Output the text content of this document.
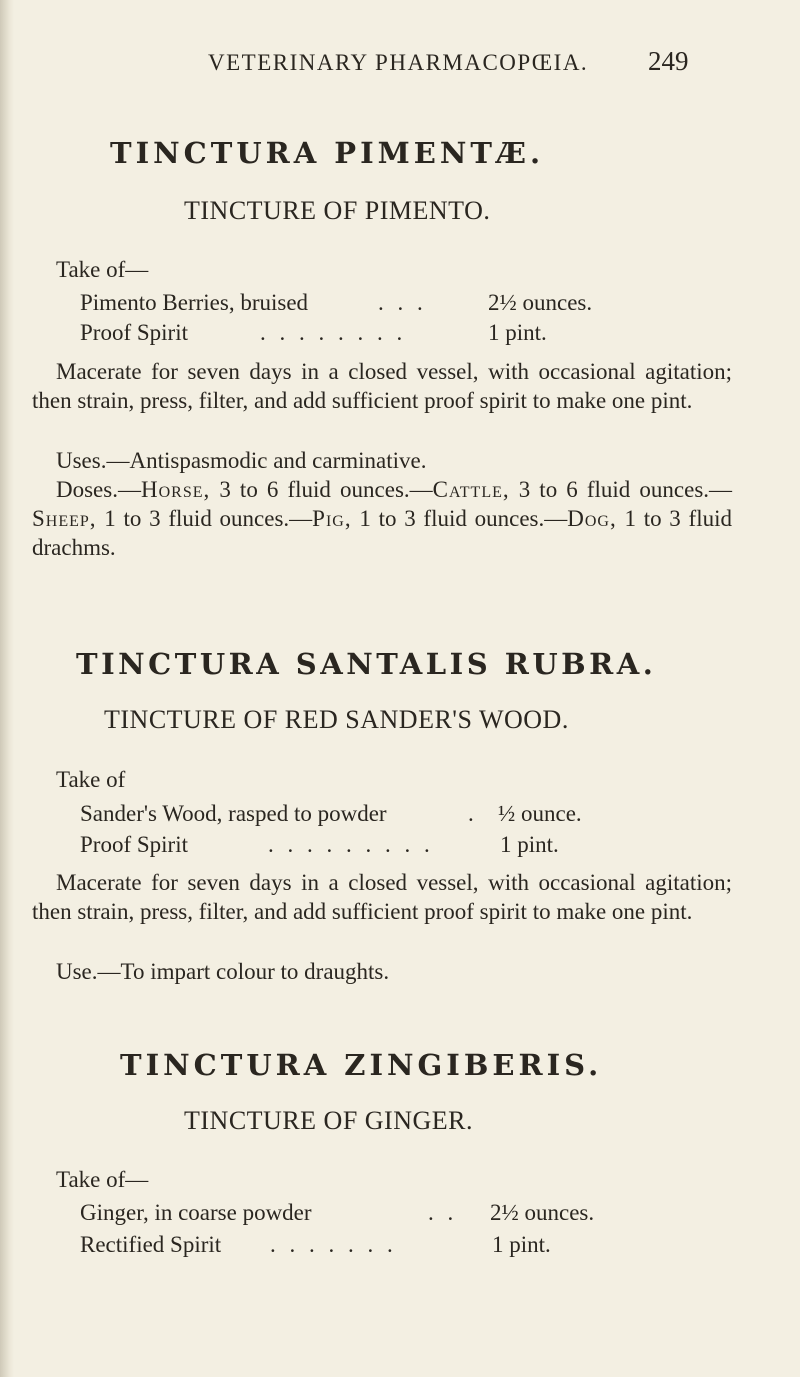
VETERINARY PHARMACOPŒIA. 249
TINCTURA PIMENTÆ.
TINCTURE OF PIMENTO.
Take of—
Pimento Berries, bruised	. . .	2½ ounces.
Proof Spirit	. . . . . . . .	1 pint.
Macerate for seven days in a closed vessel, with occasional agitation; then strain, press, filter, and add sufficient proof spirit to make one pint.
Uses.—Antispasmodic and carminative.
Doses.—Horse, 3 to 6 fluid ounces.—Cattle, 3 to 6 fluid ounces.—Sheep, 1 to 3 fluid ounces.—Pig, 1 to 3 fluid ounces.—Dog, 1 to 3 fluid drachms.
TINCTURA SANTALIS RUBRA.
TINCTURE OF RED SANDER'S WOOD.
Take of
Sander's Wood, rasped to powder	. ½ ounce.
Proof Spirit	. . . . . . . . .	1 pint.
Macerate for seven days in a closed vessel, with occasional agitation; then strain, press, filter, and add sufficient proof spirit to make one pint.
Use.—To impart colour to draughts.
TINCTURA ZINGIBERIS.
TINCTURE OF GINGER.
Take of—
Ginger, in coarse powder	. . 2½ ounces.
Rectified Spirit . . . . . . .	1 pint.
